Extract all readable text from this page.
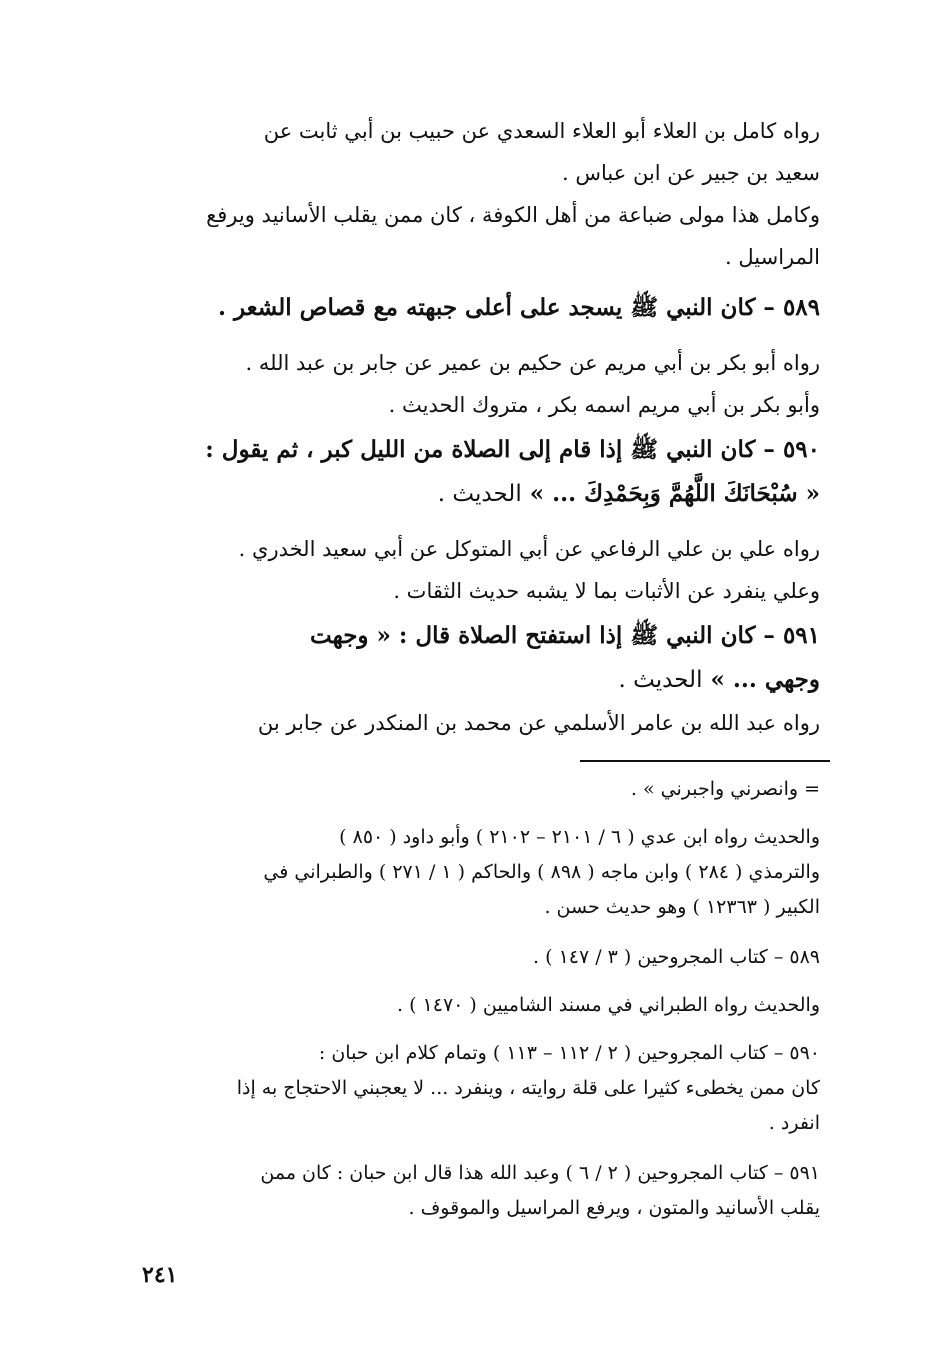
رواه كامل بن العلاء أبو العلاء السعدي عن حبيب بن أبي ثابت عن
سعيد بن جبير عن ابن عباس .
وكامل هذا مولى ضباعة من أهل الكوفة ، كان ممن يقلب الأسانيد ويرفع
المراسيل .
٥٨٩ – كان النبي ﷺ يسجد على أعلى جبهته مع قصاص الشعر .
رواه أبو بكر بن أبي مريم عن حكيم بن عمير عن جابر بن عبد الله .
وأبو بكر بن أبي مريم اسمه بكر ، متروك الحديث .
٥٩٠ – كان النبي ﷺ إذا قام إلى الصلاة من الليل كبر ، ثم يقول :
« سُبْحَانَكَ اللَّهُمَّ وَبِحَمْدِكَ ... » الحديث .
رواه علي بن علي الرفاعي عن أبي المتوكل عن أبي سعيد الخدري .
وعلي ينفرد عن الأثبات بما لا يشبه حديث الثقات .
٥٩١ – كان النبي ﷺ إذا استفتح الصلاة قال : « وجهت
وجهي ... » الحديث .
رواه عبد الله بن عامر الأسلمي عن محمد بن المنكدر عن جابر بن
= وانصرني واجبرني » .
والحديث رواه ابن عدي ( ٦ / ٢١٠١ – ٢١٠٢ ) وأبو داود ( ٨٥٠ )
والترمذي ( ٢٨٤ ) وابن ماجه ( ٨٩٨ ) والحاكم ( ١ / ٢٧١ ) والطبراني في
الكبير ( ١٢٣٦٣ ) وهو حديث حسن .
٥٨٩ – كتاب المجروحين ( ٣ / ١٤٧ ) .
والحديث رواه الطبراني في مسند الشاميين ( ١٤٧٠ ) .
٥٩٠ – كتاب المجروحين ( ٢ / ١١٢ – ١١٣ ) وتمام كلام ابن حبان :
كان ممن يخطىء كثيرا على قلة روايته ، وينفرد ... لا يعجبني الاحتجاج به إذا
انفرد .
٥٩١ – كتاب المجروحين ( ٢ / ٦ ) وعبد الله هذا قال ابن حبان : كان ممن
يقلب الأسانيد والمتون ، ويرفع المراسيل والموقوف .
٢٤١
